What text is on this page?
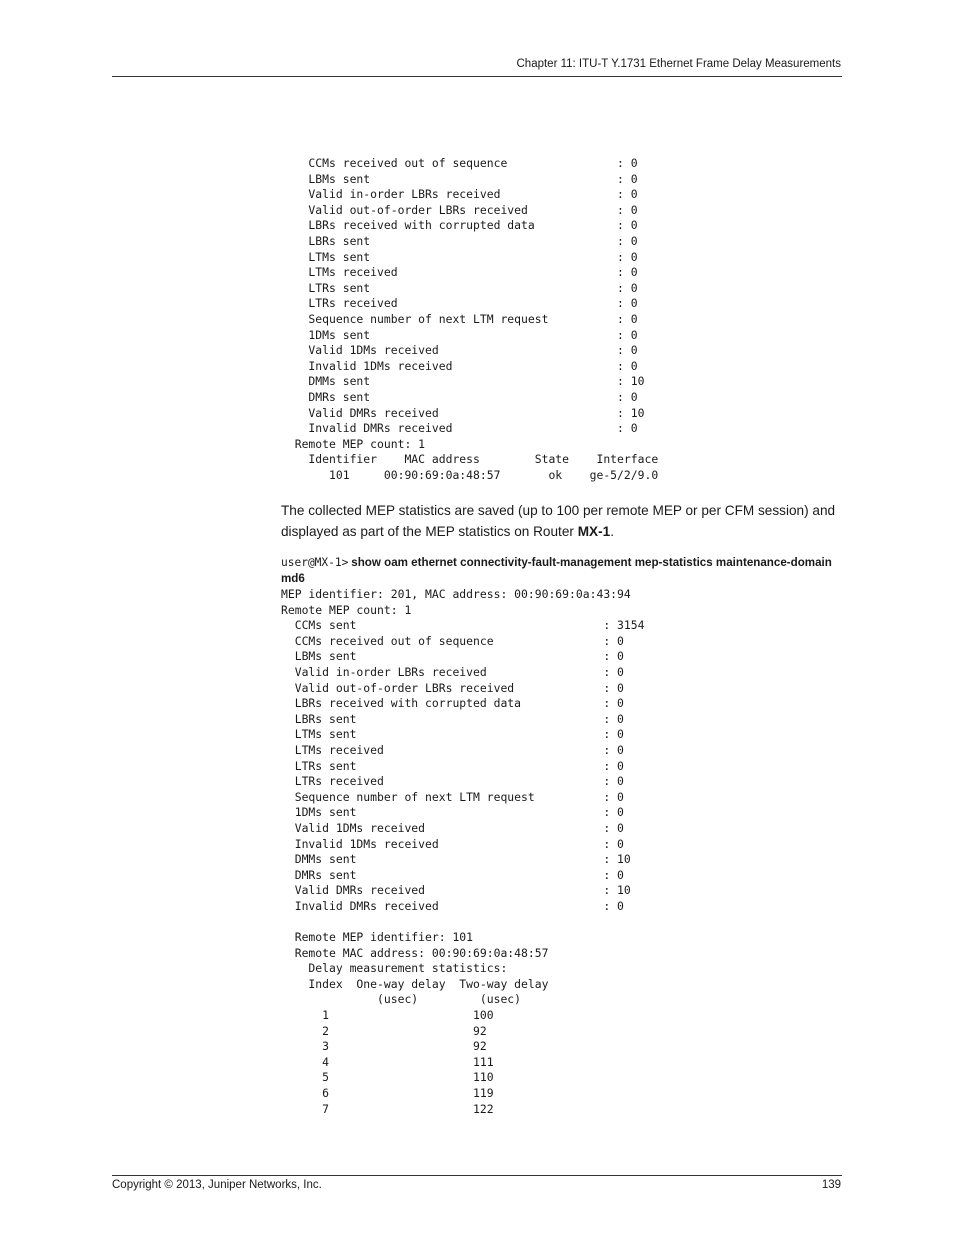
Chapter 11: ITU-T Y.1731 Ethernet Frame Delay Measurements
CCMs received out of sequence                : 0
LBMs sent                                    : 0
Valid in-order LBRs received                 : 0
Valid out-of-order LBRs received             : 0
LBRs received with corrupted data            : 0
LBRs sent                                    : 0
LTMs sent                                    : 0
LTMs received                                : 0
LTRs sent                                    : 0
LTRs received                                : 0
Sequence number of next LTM request          : 0
1DMs sent                                    : 0
Valid 1DMs received                          : 0
Invalid 1DMs received                        : 0
DMMs sent                                    : 10
DMRs sent                                    : 0
Valid DMRs received                          : 10
Invalid DMRs received                        : 0
Remote MEP count: 1
Identifier    MAC address        State    Interface
101     00:90:69:0a:48:57       ok    ge-5/2/9.0
The collected MEP statistics are saved (up to 100 per remote MEP or per CFM session) and displayed as part of the MEP statistics on Router MX-1.
user@MX-1> show oam ethernet connectivity-fault-management mep-statistics maintenance-domain md6
MEP identifier: 201, MAC address: 00:90:69:0a:43:94
Remote MEP count: 1
CCMs sent                                    : 3154
CCMs received out of sequence                : 0
LBMs sent                                    : 0
Valid in-order LBRs received                 : 0
Valid out-of-order LBRs received             : 0
LBRs received with corrupted data            : 0
LBRs sent                                    : 0
LTMs sent                                    : 0
LTMs received                                : 0
LTRs sent                                    : 0
LTRs received                                : 0
Sequence number of next LTM request          : 0
1DMs sent                                    : 0
Valid 1DMs received                          : 0
Invalid 1DMs received                        : 0
DMMs sent                                    : 10
DMRs sent                                    : 0
Valid DMRs received                          : 10
Invalid DMRs received                        : 0

Remote MEP identifier: 101
Remote MAC address: 00:90:69:0a:48:57
Delay measurement statistics:
Index  One-way delay  Two-way delay
(usec)         (usec)
1                     100
2                     92
3                     92
4                     111
5                     110
6                     119
7                     122
Copyright © 2013, Juniper Networks, Inc.	139
